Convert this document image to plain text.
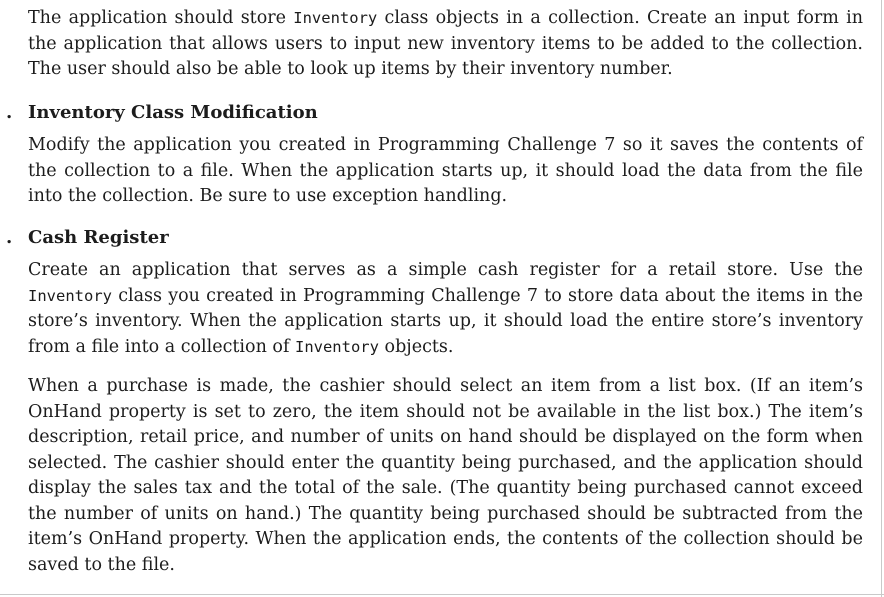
The application should store Inventory class objects in a collection. Create an input form in the application that allows users to input new inventory items to be added to the collection. The user should also be able to look up items by their inventory number.

. Inventory Class Modification

Modify the application you created in Programming Challenge 7 so it saves the contents of the collection to a file. When the application starts up, it should load the data from the file into the collection. Be sure to use exception handling.

. Cash Register

Create an application that serves as a simple cash register for a retail store. Use the Inventory class you created in Programming Challenge 7 to store data about the items in the store’s inventory. When the application starts up, it should load the entire store’s inventory from a file into a collection of Inventory objects.

When a purchase is made, the cashier should select an item from a list box. (If an item’s OnHand property is set to zero, the item should not be available in the list box.) The item’s description, retail price, and number of units on hand should be displayed on the form when selected. The cashier should enter the quantity being purchased, and the application should display the sales tax and the total of the sale. (The quantity being purchased cannot exceed the number of units on hand.) The quantity being purchased should be subtracted from the item’s OnHand property. When the application ends, the contents of the collection should be saved to the file.
